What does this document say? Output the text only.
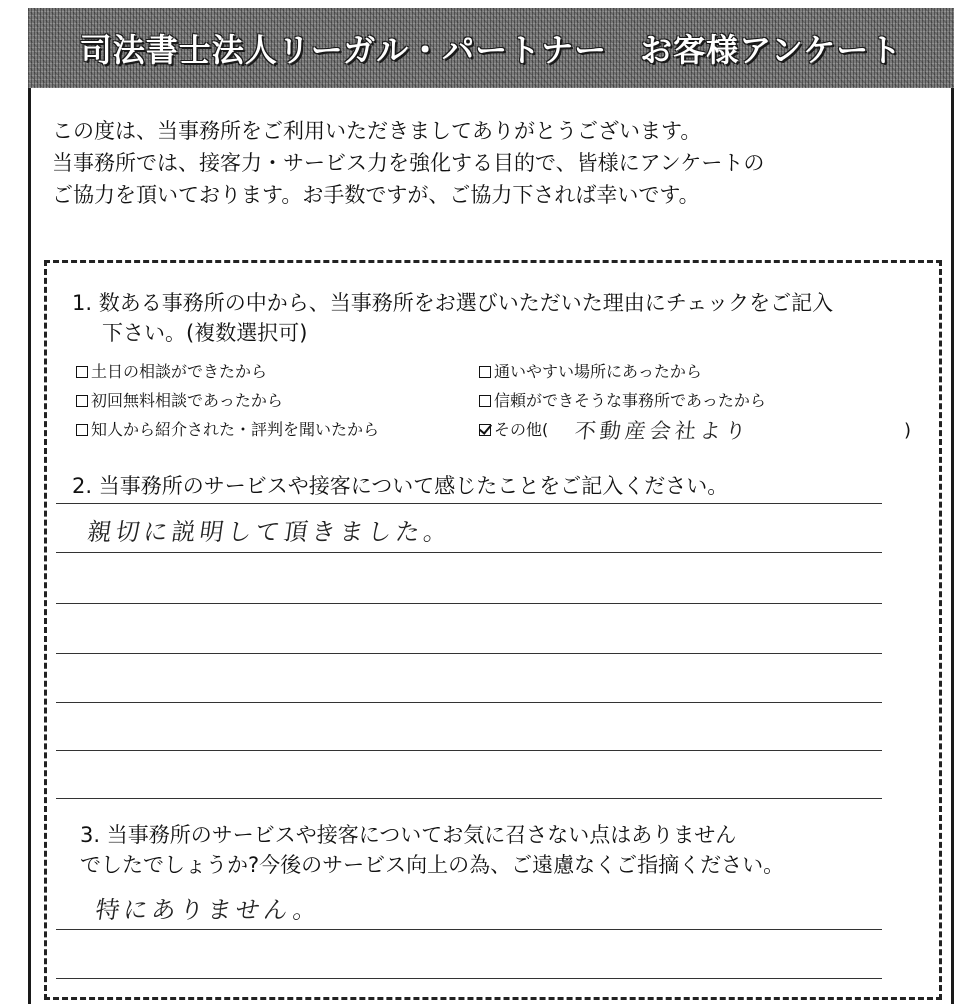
司法書士法人リーガル・パートナー　お客様アンケート
この度は、当事務所をご利用いただきましてありがとうございます。
当事務所では、接客力・サービス力を強化する目的で、皆様にアンケートの
ご協力を頂いております。お手数ですが、ご協力下されば幸いです。
1. 数ある事務所の中から、当事務所をお選びいただいた理由にチェックをご記入
下さい。(複数選択可)
土日の相談ができたから	通いやすい場所にあったから
初回無料相談であったから	信頼ができそうな事務所であったから
知人から紹介された・評判を聞いたから	その他( 不動産会社より	)
2. 当事務所のサービスや接客について感じたことをご記入ください。
親切に説明して頂きました。
3. 当事務所のサービスや接客についてお気に召さない点はありません
でしたでしょうか?今後のサービス向上の為、ご遠慮なくご指摘ください。
特にありません。
